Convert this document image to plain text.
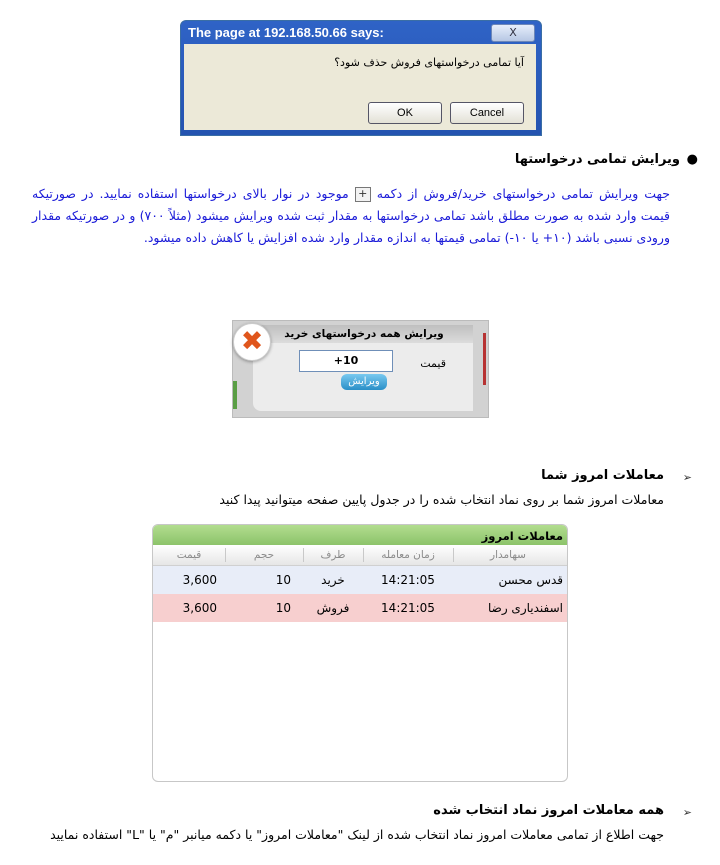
The page at 192.168.50.66 says:	X
آیا تمامی درخواستهای فروش حذف شود؟
OK	Cancel
●
ویرایش تمامی درخواستها
جهت ویرایش تمامی درخواستهای خرید/فروش از دکمه + موجود در نوار بالای درخواستها استفاده نمایید. در صورتیکه قیمت وارد شده به صورت مطلق باشد تمامی درخواستها به مقدار ثبت شده ویرایش میشود (مثلاً ۷۰۰) و در صورتیکه مقدار ورودی نسبی باشد (۱۰+ یا ۱۰-) تمامی قیمتها به اندازه مقدار وارد شده افزایش یا کاهش داده میشود.
ویرایش همه درخواستهای خرید
✖
قیمت
+10
ویرایش
➢
معاملات امروز شما
معاملات امروز شما بر روی نماد انتخاب شده را در جدول پایین صفحه میتوانید پیدا کنید
معاملات امروز
سهامدار
زمان معامله
طرف
حجم
قیمت
قدس محسن
14:21:05
خرید
10
3,600
اسفندیاری رضا
14:21:05
فروش
10
3,600
➢
همه معاملات امروز نماد انتخاب شده
جهت اطلاع از تمامی معاملات امروز نماد انتخاب شده از لینک "معاملات امروز" یا دکمه میانبر "م" یا "L" استفاده نمایید
